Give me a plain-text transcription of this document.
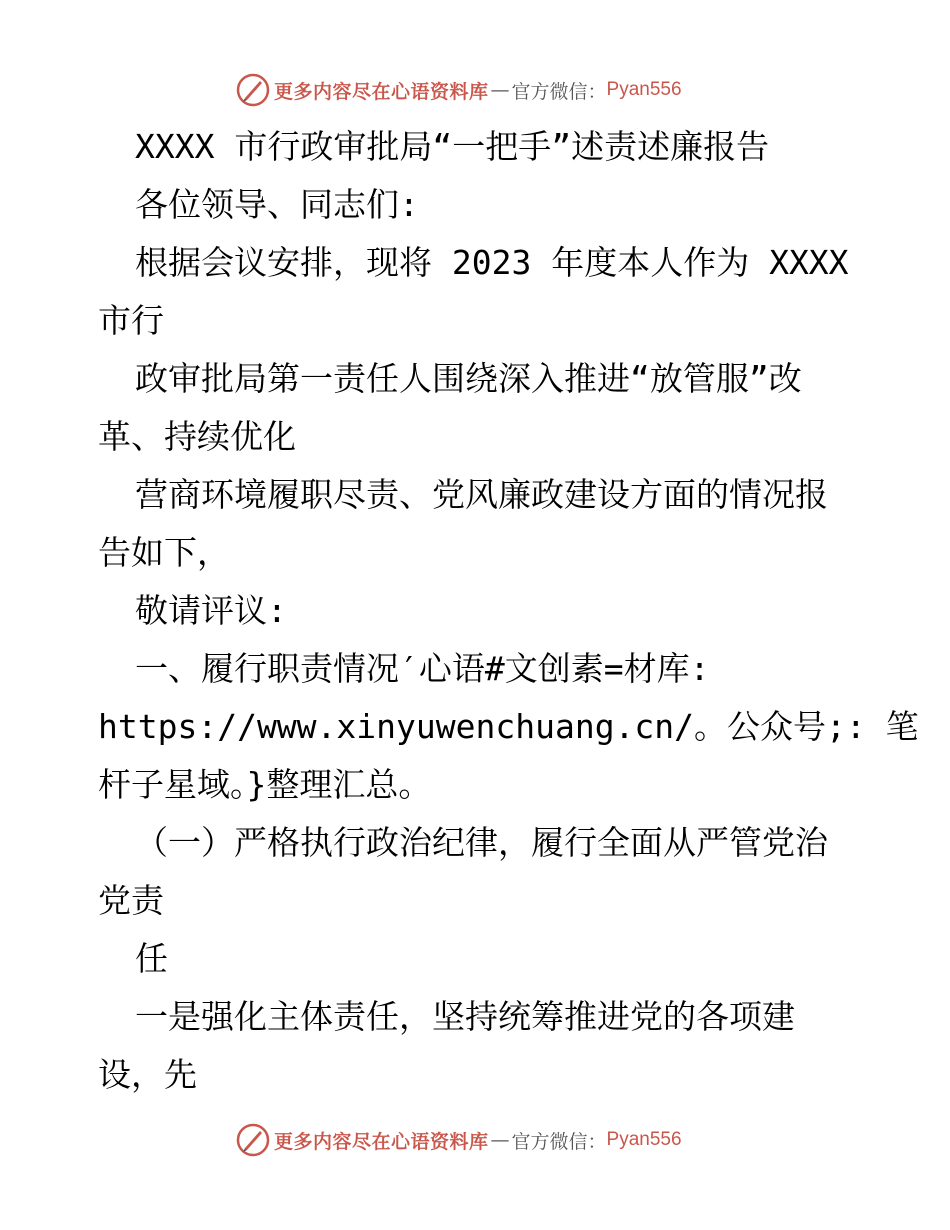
更多内容尽在心语资料库 — 官方微信： Pyan556
XXXX 市行政审批局“一把手”述责述廉报告
各位领导、同志们:
根据会议安排，现将 2023 年度本人作为 XXXX
市行
政审批局第一责任人围绕深入推进“放管服”改
革、持续优化
营商环境履职尽责、党风廉政建设方面的情况报
告如下，
敬请评议:
一、履行职责情况′心语#文创素=材库:
https://www.xinyuwenchuang.cn/。公众号;: 笔
杆子星域。}整理汇总。
（一）严格执行政治纪律，履行全面从严管党治
党责
任
一是强化主体责任，坚持统筹推进党的各项建
设，先
更多内容尽在心语资料库 — 官方微信： Pyan556
